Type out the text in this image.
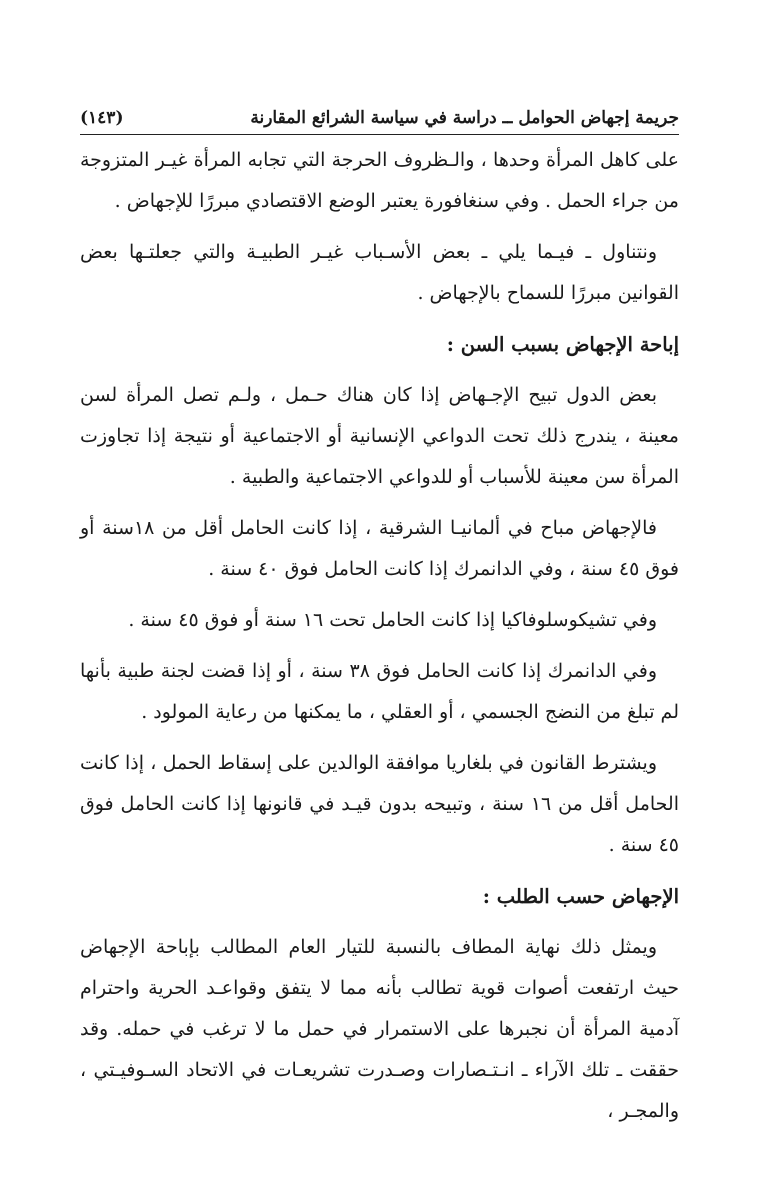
(١٤٣)	جريمة إجهاض الحوامل ــ دراسة في سياسة الشرائع المقارنة

على كاهل المرأة وحدها ، والـظروف الحرجة التي تجابه المرأة غيـر المتزوجة من جراء الحمل . وفي سنغافورة يعتبر الوضع الاقتصادي مبررًا للإجهاض .

ونتناول ـ فيـما يلي ـ بعض الأسـباب غيـر الطبيـة والتي جعلتـها بعض القوانين مبررًا للسماح بالإجهاض .

إباحة الإجهاض بسبب السن :

بعض الدول تبيح الإجـهاض إذا كان هناك حـمل ، ولـم تصل المرأة لسن معينة ، يندرج ذلك تحت الدواعي الإنسانية أو الاجتماعية أو نتيجة إذا تجاوزت المرأة سن معينة للأسباب أو للدواعي الاجتماعية والطبية .

فالإجهاض مباح في ألمانيـا الشرقية ، إذا كانت الحامل أقل من ١٨سنة أو فوق ٤٥ سنة ، وفي الدانمرك إذا كانت الحامل فوق ٤٠ سنة .

وفي تشيكوسلوفاكيا إذا كانت الحامل تحت ١٦ سنة أو فوق ٤٥ سنة .

وفي الدانمرك إذا كانت الحامل فوق ٣٨ سنة ، أو إذا قضت لجنة طبية بأنها لم تبلغ من النضج الجسمي ، أو العقلي ، ما يمكنها من رعاية المولود .

ويشترط القانون في بلغاريا موافقة الوالدين على إسقاط الحمل ، إذا كانت الحامل أقل من ١٦ سنة ، وتبيحه بدون قيـد في قانونها إذا كانت الحامل فوق ٤٥ سنة .

الإجهاض حسب الطلب :

ويمثل ذلك نهاية المطاف بالنسبة للتيار العام المطالب بإباحة الإجهاض حيث ارتفعت أصوات قوية تطالب بأنه مما لا يتفق وقواعـد الحرية واحترام آدمية المرأة أن نجبرها على الاستمرار في حمل ما لا ترغب في حمله. وقد حققت ـ تلك الآراء ـ انـتـصارات وصـدرت تشريعـات في الاتحاد السـوفيـتي ، والمجـر ،
